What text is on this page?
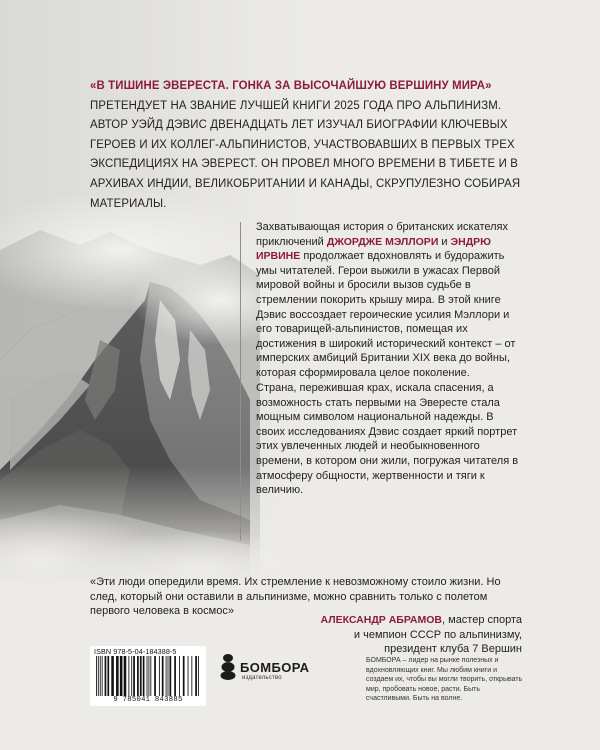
«В ТИШИНЕ ЭВЕРЕСТА. ГОНКА ЗА ВЫСОЧАЙШУЮ ВЕРШИНУ МИРА» ПРЕТЕНДУЕТ НА ЗВАНИЕ ЛУЧШЕЙ КНИГИ 2025 ГОДА ПРО АЛЬПИНИЗМ. АВТОР УЭЙД ДЭВИС ДВЕНАДЦАТЬ ЛЕТ ИЗУЧАЛ БИОГРАФИИ КЛЮЧЕВЫХ ГЕРОЕВ И ИХ КОЛЛЕГ-АЛЬПИНИСТОВ, УЧАСТВОВАВШИХ В ПЕРВЫХ ТРЕХ ЭКСПЕДИЦИЯХ НА ЭВЕРЕСТ. ОН ПРОВЕЛ МНОГО ВРЕМЕНИ В ТИБЕТЕ И В АРХИВАХ ИНДИИ, ВЕЛИКОБРИТАНИИ И КАНАДЫ, СКРУПУЛЕЗНО СОБИРАЯ МАТЕРИАЛЫ.
Захватывающая история о британских искателях приключений ДЖОРДЖЕ МЭЛЛОРИ и ЭНДРЮ ИРВИНЕ продолжает вдохновлять и будоражить умы читателей. Герои выжили в ужасах Первой мировой войны и бросили вызов судьбе в стремлении покорить крышу мира. В этой книге Дэвис воссоздает героические усилия Мэллори и его товарищей-альпинистов, помещая их достижения в широкий исторический контекст – от имперских амбиций Британии XIX века до войны, которая сформировала целое поколение.
Страна, пережившая крах, искала спасения, а возможность стать первыми на Эвересте стала мощным символом национальной надежды. В своих исследованиях Дэвис создает яркий портрет этих увлеченных людей и необыкновенного времени, в котором они жили, погружая читателя в атмосферу общности, жертвенности и тяги к величию.
«Эти люди опередили время. Их стремление к невозможному стоило жизни. Но след, который они оставили в альпинизме, можно сравнить только с полетом первого человека в космос»
АЛЕКСАНДР АБРАМОВ, мастер спорта
и чемпион СССР по альпинизму,
президент клуба 7 Вершин
ISBN 978-5-04-184388-5
9 785041 843885
БОМБОРА
издательство
БОМБОРА – лидер на рынке полезных и вдохновляющих книг. Мы любим книги и создаем их, чтобы вы могли творить, открывать мир, пробовать новое, расти. Быть счастливыми. Быть на волне.
